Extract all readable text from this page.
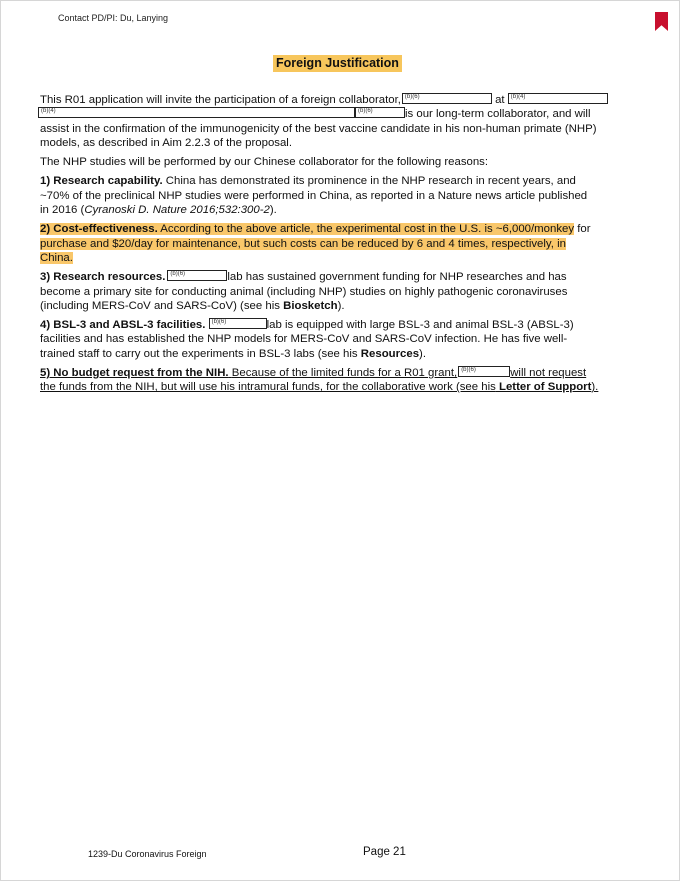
Contact PD/PI: Du, Lanying
Foreign Justification

This R01 application will invite the participation of a foreign collaborator, (b)(6)	at (b)(4)

(b)(4)	(b)(6)	is our long-term collaborator, and will
assist in the confirmation of the immunogenicity of the best vaccine candidate in his non-human primate (NHP)
models, as described in Aim 2.2.3 of the proposal.

The NHP studies will be performed by our Chinese collaborator for the following reasons:

1) Research capability. China has demonstrated its prominence in the NHP research in recent years, and
~70% of the preclinical NHP studies were performed in China, as reported in a Nature news article published
in 2016 (Cyranoski D. Nature 2016;532:300-2).

2) Cost-effectiveness. According to the above article, the experimental cost in the U.S. is ~6,000/monkey for
purchase and $20/day for maintenance, but such costs can be reduced by 6 and 4 times, respectively, in
China.

3) Research resources. (b)(6)	lab has sustained government funding for NHP researches and has
become a primary site for conducting animal (including NHP) studies on highly pathogenic coronaviruses
(including MERS-CoV and SARS-CoV) (see his Biosketch).

4) BSL-3 and ABSL-3 facilities. (b)(6)	lab is equipped with large BSL-3 and animal BSL-3 (ABSL-3)
facilities and has established the NHP models for MERS-CoV and SARS-CoV infection. He has five well-
trained staff to carry out the experiments in BSL-3 labs (see his Resources).

5) No budget request from the NIH. Because of the limited funds for a R01 grant, (b)(6)	will not request
the funds from the NIH, but will use his intramural funds, for the collaborative work (see his Letter of Support).

1239-Du Coronavirus Foreign	Page 21
